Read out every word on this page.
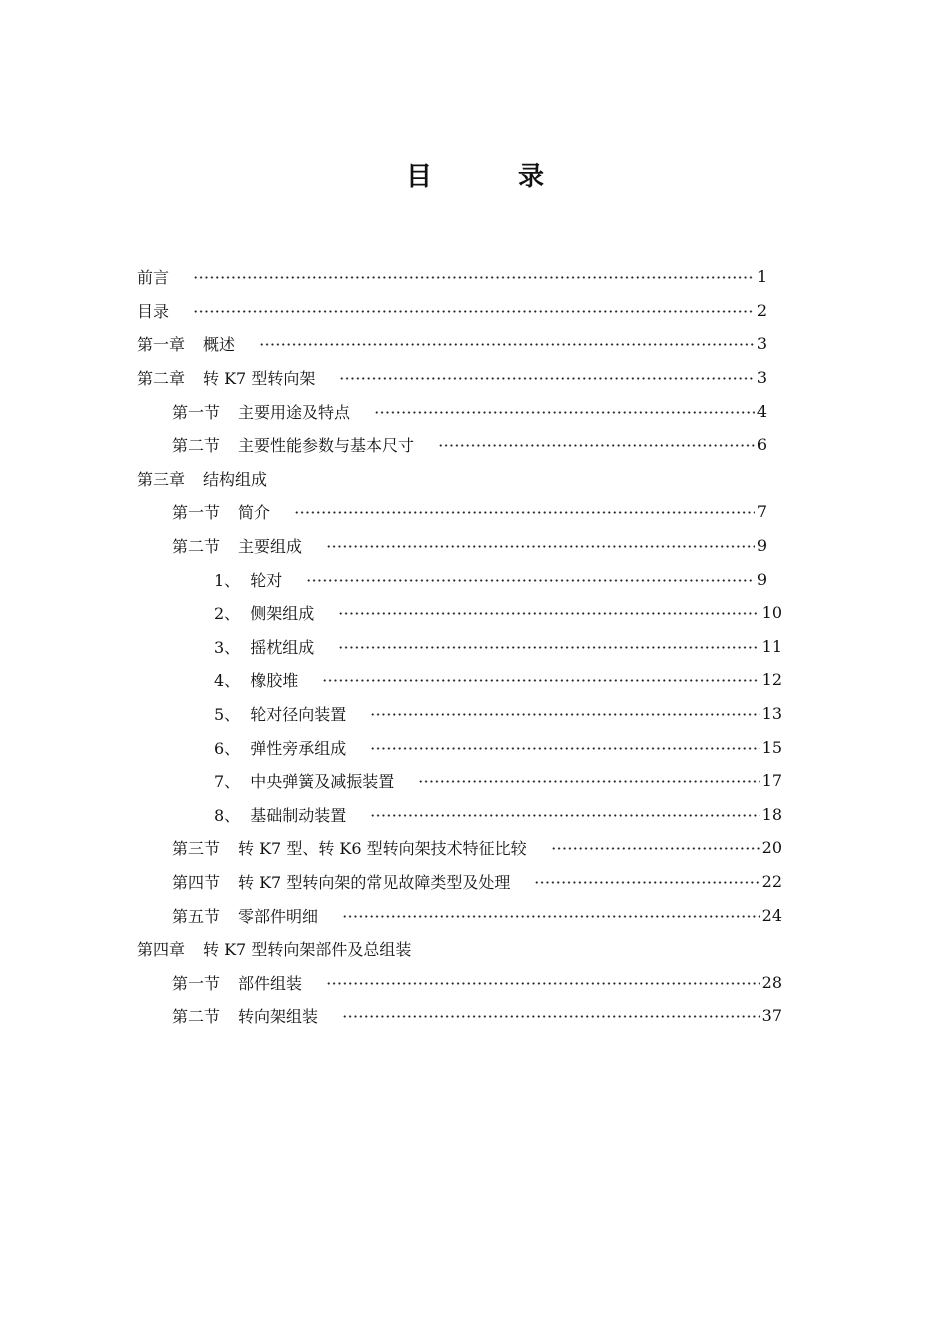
目　录
前言	1
目录	2
第一章 概述	3
第二章 转 K7 型转向架	3
第一节 主要用途及特点	4
第二节 主要性能参数与基本尺寸	6
第三章 结构组成
第一节 简介	7
第二节 主要组成	9
1、 轮对	9
2、 侧架组成	10
3、 摇枕组成	11
4、 橡胶堆	12
5、 轮对径向装置	13
6、 弹性旁承组成	15
7、 中央弹簧及减振装置	17
8、 基础制动装置	18
第三节 转 K7 型、转 K6 型转向架技术特征比较	20
第四节 转 K7 型转向架的常见故障类型及处理	22
第五节 零部件明细	24
第四章 转 K7 型转向架部件及总组装
第一节 部件组装	28
第二节 转向架组装	37
